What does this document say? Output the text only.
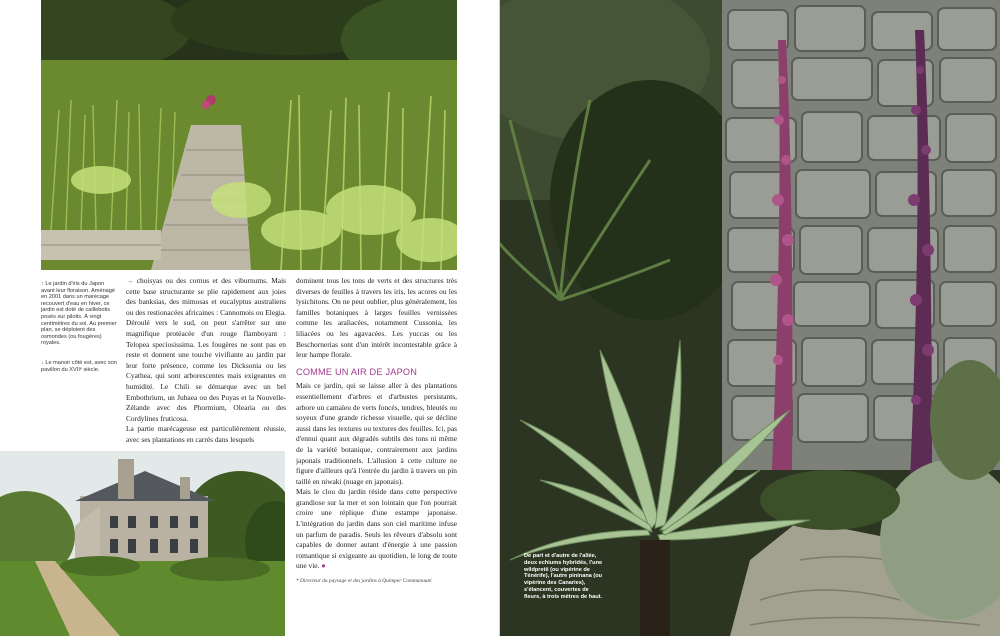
↑ Le jardin d'iris du Japon avant leur floraison. Aménagé en 2001 dans un marécage recouvert d'eau en hiver, ce jardin est doté de caillebotis posés sur pilotis. À vingt centimètres du sol. Au premier plan, se déploient des osmondes (ou fougères) royales.
↓ Le manoir côté est, avec son pavillon du XVIIᵉ siècle.

→ choisyas ou des cornus et des viburnums. Mais cette base structurante se plie rapidement aux joies des banksias, des mimosas et eucalyptus australiens ou des restionacées africaines : Cannomois ou Elegia. Déroulé vers le sud, on peut s'arrêter sur une magnifique protéacée d'un rouge flamboyant : Telopea speciosissima. Les fougères ne sont pas en reste et donnent une touche vivifiante au jardin par leur forte présence, comme les Dicksonia ou les Cyathea, qui sont arborescentes mais exigeantes en humidité. Le Chili se démarque avec un bel Embothrium, un Jubaea ou des Puyas et la Nouvelle-Zélande avec des Phormium, Olearia ou des Cordylines fruticosa.

La partie marécageuse est particulièrement réussie, avec ses plantations en carrés dans lesquels

dominent tous les tons de verts et des structures très diverses de feuilles à travers les iris, les acores ou les lysichitons. On ne peut oublier, plus généralement, les familles botaniques à larges feuilles vernissées comme les araliacées, notamment Cussonia, les liliacées ou les agavacées. Les yuccas ou les Beschornerias sont d'un intérêt incontestable grâce à leur hampe florale.

COMME UN AIR DE JAPON

Mais ce jardin, qui se laisse aller à des plantations essentiellement d'arbres et d'arbustes persistants, arbore un camaïeu de verts foncés, tendres, bleutés ou soyeux d'une grande richesse visuelle, qui se décline aussi dans les textures ou textures des feuilles. Ici, pas d'ennui quant aux dégradés subtils des tons ni même de la variété botanique, contrairement aux jardins japonais traditionnels. L'allusion à cette culture ne figure d'ailleurs qu'à l'entrée du jardin à travers un pin taillé en niwaki (nuage en japonais).

Mais le clou du jardin réside dans cette perspective grandiose sur la mer et son lointain que l'on pourrait croire une réplique d'une estampe japonaise. L'intégration du jardin dans son ciel maritime infuse un parfum de paradis. Seuls les rêveurs d'absolu sont capables de donner autant d'énergie à une passion romantique si exigeante au quotidien, le long de toute une vie. ●

* Directeur du paysage et des jardins à Quimper Communauté.
De part et d'autre de l'allée, deux echiums hybridés, l'une wildpretii (ou vipérine de Ténérife), l'autre pininana (ou vipérine des Canaries), s'élancent, couvertes de fleurs, à trois mètres de haut.
